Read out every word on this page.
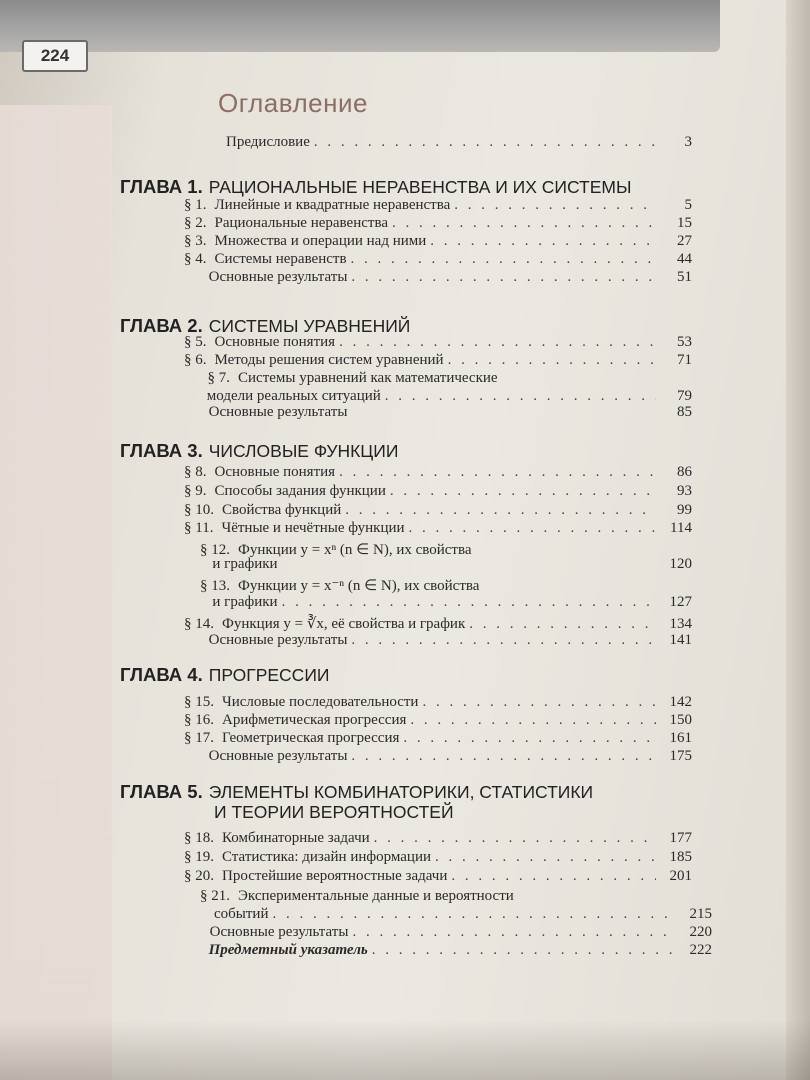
224
Оглавление
Предисловие . . .	3
ГЛАВА 1. РАЦИОНАЛЬНЫЕ НЕРАВЕНСТВА И ИХ СИСТЕМЫ
§ 1. Линейные и квадратные неравенства . . .	5
§ 2. Рациональные неравенства . . .	15
§ 3. Множества и операции над ними . . .	27
§ 4. Системы неравенств . . .	44
Основные результаты . . .	51
ГЛАВА 2. СИСТЕМЫ УРАВНЕНИЙ
§ 5. Основные понятия . . .	53
§ 6. Методы решения систем уравнений . . .	71
§ 7. Системы уравнений как математические
модели реальных ситуаций . . .	79
Основные результаты	85
ГЛАВА 3. ЧИСЛОВЫЕ ФУНКЦИИ
§ 8. Основные понятия . . .	86
§ 9. Способы задания функции . . .	93
§ 10. Свойства функций . . .	99
§ 11. Чётные и нечётные функции . . .	114
§ 12. Функции y = xⁿ (n ∈ N), их свойства
и графики	120
§ 13. Функции y = x⁻ⁿ (n ∈ N), их свойства
и графики . . .	127
§ 14. Функция y = ∛x, её свойства и график . . .	134
Основные результаты . . .	141
ГЛАВА 4. ПРОГРЕССИИ
§ 15. Числовые последовательности . . .	142
§ 16. Арифметическая прогрессия . . .	150
§ 17. Геометрическая прогрессия . . .	161
Основные результаты . . .	175
ГЛАВА 5. ЭЛЕМЕНТЫ КОМБИНАТОРИКИ, СТАТИСТИКИ
И ТЕОРИИ ВЕРОЯТНОСТЕЙ
§ 18. Комбинаторные задачи . . .	177
§ 19. Статистика: дизайн информации . . .	185
§ 20. Простейшие вероятностные задачи . . .	201
§ 21. Экспериментальные данные и вероятности
событий . . .	215
Основные результаты . . .	220
Предметный указатель . . .	222
